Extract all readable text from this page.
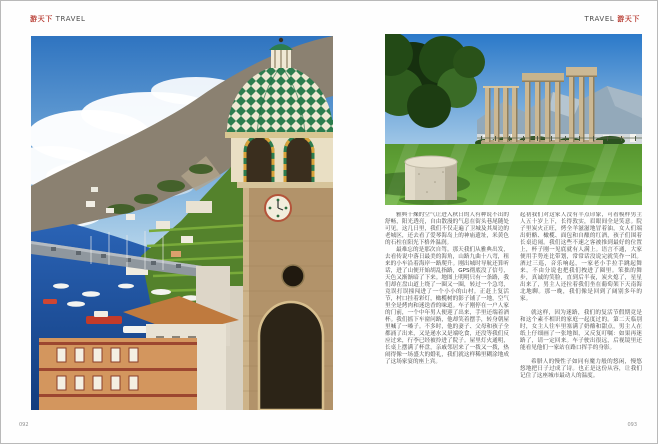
游天下 TRAVEL	TRAVEL 游天下

雅典干燥的空气让进入秋日的人有种说不出的舒畅，阳光透亮，自由散漫的气息在街头巷尾随处可见。这几日里，我们不仅走遍了卫城及其周边的老城区，还去看了爱琴海岛上的神庙遗址，米黄色的石柱在阳光下格外温润。

最难忘的是那次自驾。那天我们从雅典出发，去看传说中落日最美的海角，山路九曲十八弯，租来的小车沿着海岸一路爬升。刚出城时导航还算听话，进了山便开始胡乱指路，GPS彻底没了信号，天色又渐渐暗了下来。地图上明明只有一条路，我们却在盘山道上绕了一圈又一圈，转过一个急弯，竟误打误撞闯进了一个小小的山村。正赶上复活节，村口挂着彩灯，橄榄树的影子铺了一地，空气里全是烤肉和迷迭香的味道。车子刚停在一户人家的门前，一个中年男人便迎了出来，手里还端着酒杯。我们摇下车窗问路，他却笑着摆手，转身朝屋里喊了一嗓子。不多时，他的妻子、父母和孩子全都涌了出来，又是递水又是端吃食，还没等我们反应过来，行李已经被拎进了院子。屋里灯火通明，长桌上摆满了杯盘，亲戚邻居来了一拨又一拨，热闹得像一场盛大的婚礼，我们就这样稀里糊涂地成了这场家宴的座上宾。

起初我们对这家人没有半点印象，可看模样男主人五十岁上下，长得敦实，眉眼间全是笑意。院子里炭火正旺，烤全羊滋滋地冒着油，女人们端出奶酪、橄榄、面包和自酿的红酒，孩子们围着长桌追闹。我们这些不速之客被推到最好的位置上，杯子刚一见底就有人满上。语言不通，大家便用手势连比带划，常常话没说完就笑作一团。酒过三巡，音乐响起，一家老小手拉手跳起舞来，不由分说也把我们拽进了圈里。笨拙的舞步，真诚的笑脸，直到后半夜，炭火熄了，星星出来了，男主人还拉着我们坐在葡萄架下天南海北地聊。那一晚，我们像是回到了阔别多年的家。

就这样，因为迷路，我们的复活节假期竟是和这个素不相识的家庭一起度过的。第二天临别时，女主人往车里塞满了奶酪和甜点，男主人在纸上仔细画了一张地图，又反复叮嘱：如果再迷路了，请一定回来。车子驶出很远，后视镜里还能看见他们一家站在路口挥手的身影。

希腊人的慢性子如同有魔力般的悠闲，慢悠悠地把日子过成了诗。也正是这份从容，让我们记住了这座城市最动人的温度。

092	093
